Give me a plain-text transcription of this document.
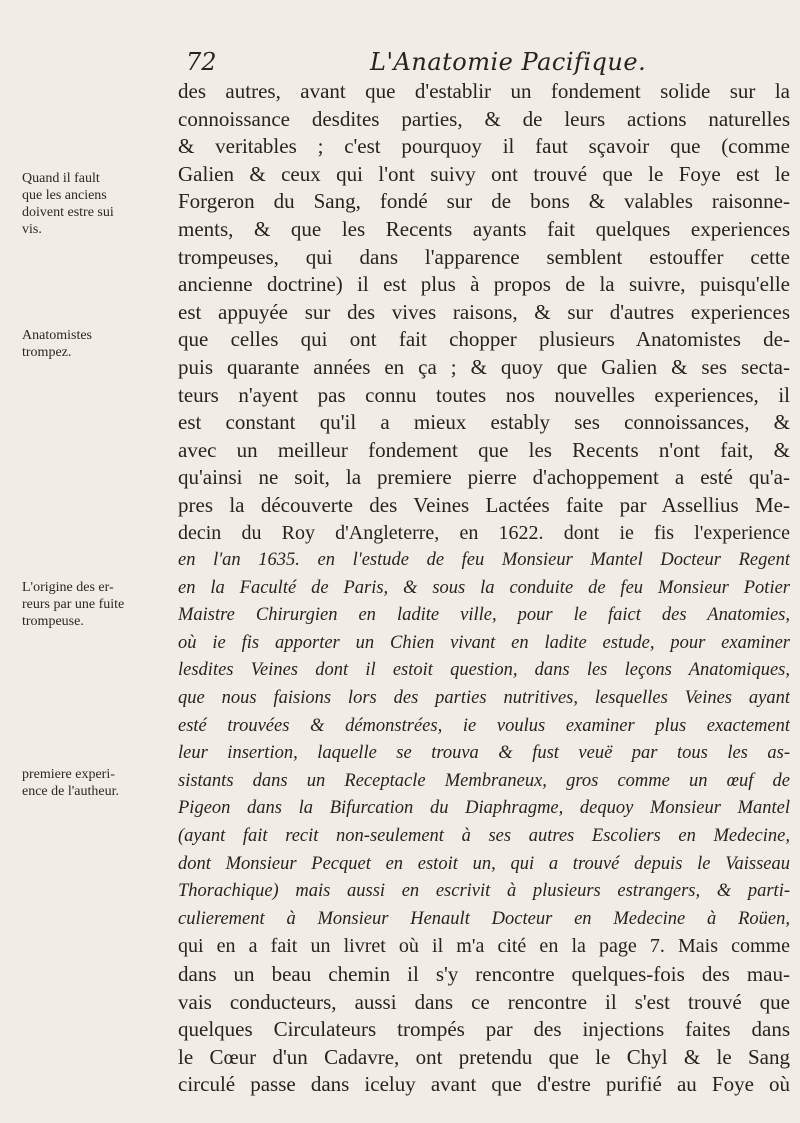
72	L'Anatomie Pacifique.
Quand il fault
que les anciens
doivent estre sui
vis.
Anatomistes
trompez.
L'origine des er-
reurs par une fuite
trompeuse.
premiere experi-
ence de l'autheur.
des autres, avant que d'establir un fondement solide sur la
connoissance desdites parties, & de leurs actions naturelles
& veritables ; c'est pourquoy il faut sçavoir que (comme
Galien & ceux qui l'ont suivy ont trouvé que le Foye est le
Forgeron du Sang, fondé sur de bons & valables raisonne-
ments, & que les Recents ayants fait quelques experiences
trompeuses, qui dans l'apparence semblent estouffer cette
ancienne doctrine) il est plus à propos de la suivre, puisqu'elle
est appuyée sur des vives raisons, & sur d'autres experiences
que celles qui ont fait chopper plusieurs Anatomistes de-
puis quarante années en ça ; & quoy que Galien & ses secta-
teurs n'ayent pas connu toutes nos nouvelles experiences, il
est constant qu'il a mieux estably ses connoissances, &
avec un meilleur fondement que les Recents n'ont fait, &
qu'ainsi ne soit, la premiere pierre d'achoppement a esté qu'a-
pres la découverte des Veines Lactées faite par Assellius Me-
decin du Roy d'Angleterre, en 1622. dont ie fis l'experience
en l'an 1635. en l'estude de feu Monsieur Mantel Docteur Regent
en la Faculté de Paris, & sous la conduite de feu Monsieur Potier
Maistre Chirurgien en ladite ville, pour le faict des Anatomies,
où ie fis apporter un Chien vivant en ladite estude, pour examiner
lesdites Veines dont il estoit question, dans les leçons Anatomiques,
que nous faisions lors des parties nutritives, lesquelles Veines ayant
esté trouvées & démonstrées, ie voulus examiner plus exactement
leur insertion, laquelle se trouva & fust veuë par tous les as-
sistants dans un Receptacle Membraneux, gros comme un œuf de
Pigeon dans la Bifurcation du Diaphragme, dequoy Monsieur Mantel
(ayant fait recit non-seulement à ses autres Escoliers en Medecine,
dont Monsieur Pecquet en estoit un, qui a trouvé depuis le Vaisseau
Thorachique) mais aussi en escrivit à plusieurs estrangers, & parti-
culierement à Monsieur Henault Docteur en Medecine à Roüen,
qui en a fait un livret où il m'a cité en la page 7. Mais comme
dans un beau chemin il s'y rencontre quelques-fois des mau-
vais conducteurs, aussi dans ce rencontre il s'est trouvé que
quelques Circulateurs trompés par des injections faites dans
le Cœur d'un Cadavre, ont pretendu que le Chyl & le Sang
circulé passe dans iceluy avant que d'estre purifié au Foye où
